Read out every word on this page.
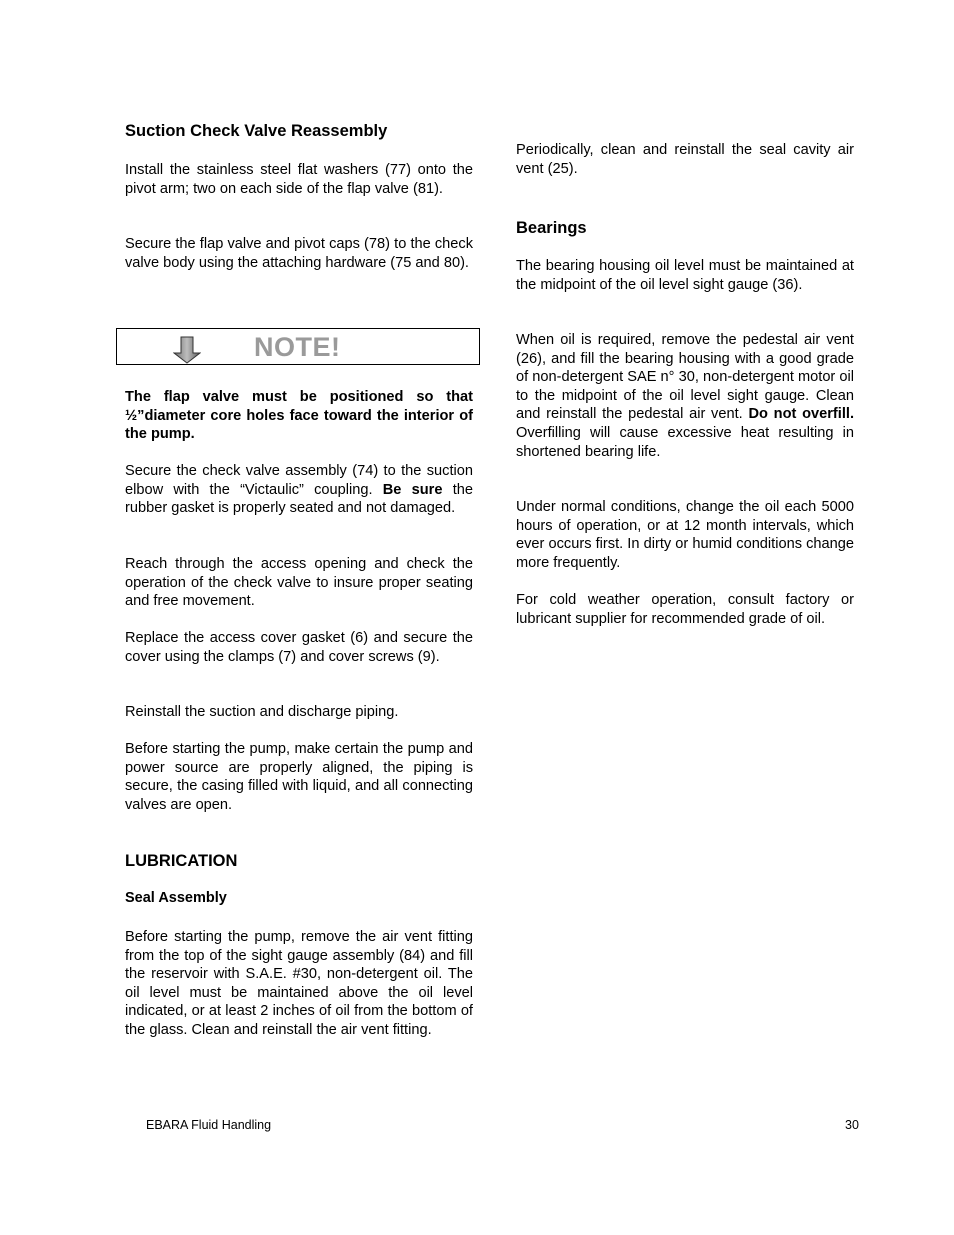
Suction Check Valve Reassembly
Install the stainless steel flat washers (77) onto the pivot arm; two on each side of the flap valve (81).
Secure the flap valve and pivot caps (78) to the check valve body using the attaching hardware (75 and 80).
The flap valve must be positioned so that ½”diameter core holes face toward the interior of the pump.
Secure the check valve assembly (74) to the suction elbow with the “Victaulic” coupling. Be sure the rubber gasket is properly seated and not damaged.
Reach through the access opening and check the operation of the check valve to insure proper seating and free movement.
Replace the access cover gasket (6) and secure the cover using the clamps (7) and cover screws (9).
Reinstall the suction and discharge piping.
Before starting the pump, make certain the pump and power source are properly aligned, the piping is secure, the casing filled with liquid, and all connecting valves are open.
LUBRICATION
Seal Assembly
Before starting the pump, remove the air vent fitting from the top of the sight gauge assembly (84) and fill the reservoir with S.A.E. #30, non-detergent oil. The oil level must be maintained above the oil level indicated, or at least 2 inches of oil from the bottom of the glass. Clean and reinstall the air vent fitting.
NOTE!
Periodically, clean and reinstall the seal cavity air vent (25).
Bearings
The bearing housing oil level must be maintained at the midpoint of the oil level sight gauge (36).
When oil is required, remove the pedestal air vent (26), and fill the bearing housing with a good grade of non-detergent SAE n° 30, non-detergent motor oil to the midpoint of the oil level sight gauge. Clean and reinstall the pedestal air vent. Do not overfill. Overfilling will cause excessive heat resulting in shortened bearing life.
Under normal conditions, change the oil each 5000 hours of operation, or at 12 month intervals, which ever occurs first. In dirty or humid conditions change more frequently.
For cold weather operation, consult factory or lubricant supplier for recommended grade of oil.
EBARA Fluid Handling	30
